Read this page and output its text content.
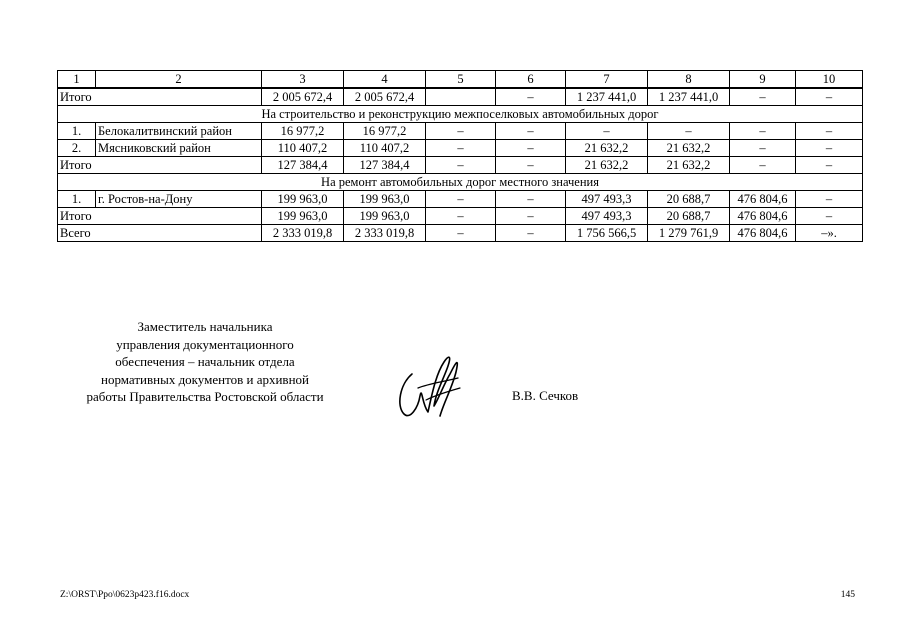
1	2	3	4	5	6	7	8	9	10
Итого		2 005 672,4	2 005 672,4		–	1 237 441,0	1 237 441,0	–	–
На строительство и реконструкцию межпоселковых автомобильных дорог									
1.	Белокалитвинский район	16 977,2	16 977,2	–	–	–	–	–	–
2.	Мясниковский район	110 407,2	110 407,2	–	–	21 632,2	21 632,2	–	–
Итого		127 384,4	127 384,4	–	–	21 632,2	21 632,2	–	–
На ремонт автомобильных дорог местного значения									
1.	г. Ростов-на-Дону	199 963,0	199 963,0	–	–	497 493,3	20 688,7	476 804,6	–
Итого		199 963,0	199 963,0	–	–	497 493,3	20 688,7	476 804,6	–
Всего		2 333 019,8	2 333 019,8	–	–	1 756 566,5	1 279 761,9	476 804,6	–».
Заместитель начальника
управления документационного
обеспечения – начальник отдела
нормативных документов и архивной
работы Правительства Ростовской области	В.В. Сечков
Z:\ORST\Ppo\0623p423.f16.docx	145
